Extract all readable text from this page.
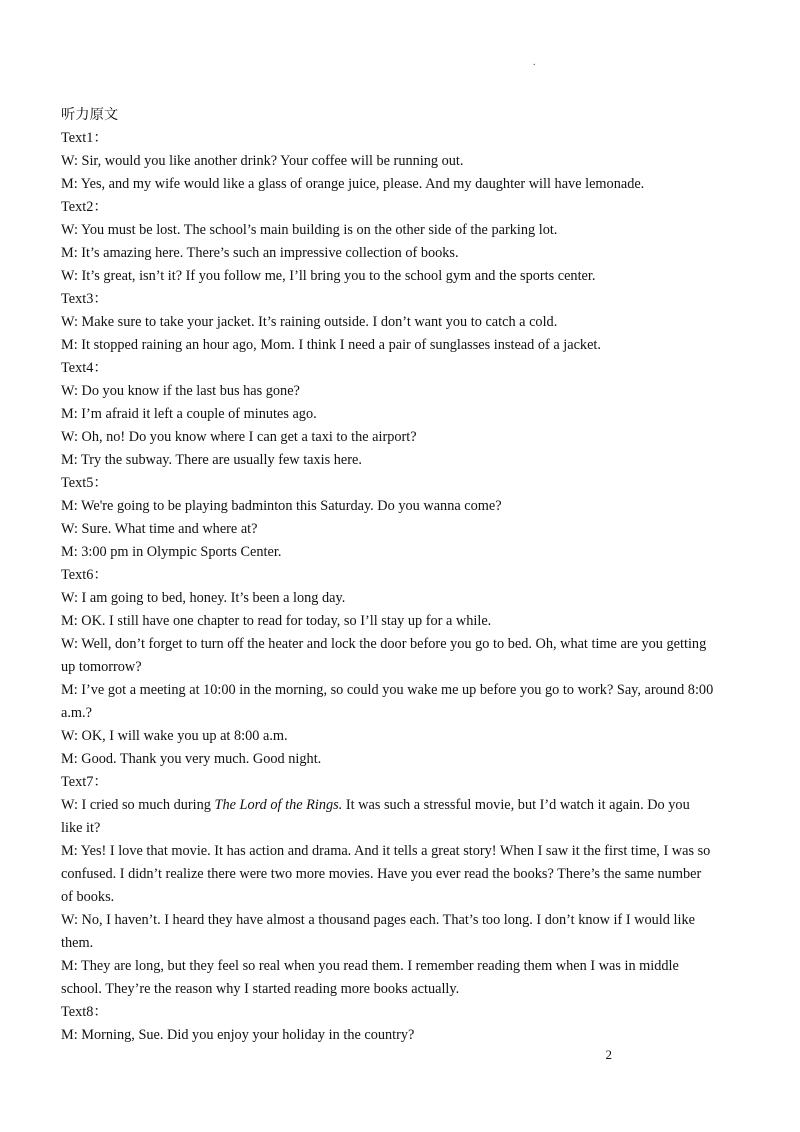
.

听力原文

Text1：

W: Sir, would you like another drink? Your coffee will be running out.

M: Yes, and my wife would like a glass of orange juice, please. And my daughter will have lemonade.

Text2：

W: You must be lost. The school’s main building is on the other side of the parking lot.

M: It’s amazing here. There’s such an impressive collection of books.

W: It’s great, isn’t it? If you follow me, I’ll bring you to the school gym and the sports center.

Text3：

W: Make sure to take your jacket. It’s raining outside. I don’t want you to catch a cold.

M: It stopped raining an hour ago, Mom. I think I need a pair of sunglasses instead of a jacket.

Text4：

W: Do you know if the last bus has gone?

M: I’m afraid it left a couple of minutes ago.

W: Oh, no! Do you know where I can get a taxi to the airport?

M: Try the subway. There are usually few taxis here.

Text5：

M: We're going to be playing badminton this Saturday. Do you wanna come?

W: Sure. What time and where at?

M: 3:00 pm in Olympic Sports Center.

Text6：

W: I am going to bed, honey. It’s been a long day.

M: OK. I still have one chapter to read for today, so I’ll stay up for a while.

W: Well, don’t forget to turn off the heater and lock the door before you go to bed. Oh, what time are you getting

up tomorrow?

M: I’ve got a meeting at 10:00 in the morning, so could you wake me up before you go to work? Say, around 8:00

a.m.?

W: OK, I will wake you up at 8:00 a.m.

M: Good. Thank you very much. Good night.

Text7：

W: I cried so much during The Lord of the Rings. It was such a stressful movie, but I’d watch it again. Do you

like it?

M: Yes! I love that movie. It has action and drama. And it tells a great story! When I saw it the first time, I was so

confused. I didn’t realize there were two more movies. Have you ever read the books? There’s the same number

of books.

W: No, I haven’t. I heard they have almost a thousand pages each. That’s too long. I don’t know if I would like

them.

M: They are long, but they feel so real when you read them. I remember reading them when I was in middle

school. They’re the reason why I started reading more books actually.

Text8：

M: Morning, Sue. Did you enjoy your holiday in the country?

2
